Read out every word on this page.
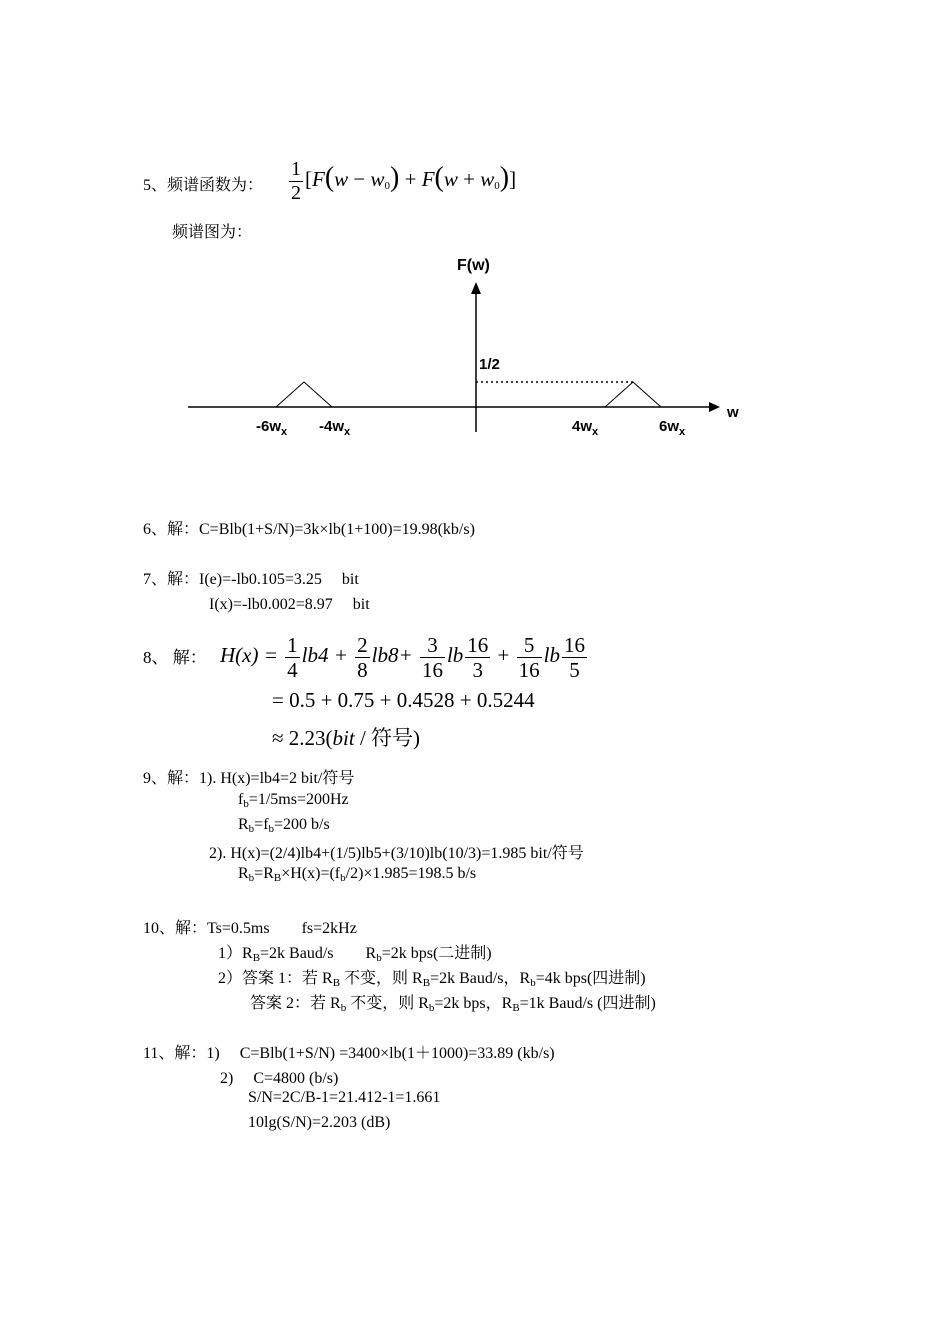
5、频谱函数为： $\frac{1}{2} [F(w - w_0) + F(w + w_0)]$
频谱图为：
F(w)
w
1/2
$-6w_x$ $-4w_x$	$4w_x$	$6w_x$
6、解：C=Blb(1+S/N)=3k×lb(1+100)=19.98(kb/s)
7、解：I(e)=-lb0.105=3.25　 bit
I(x)=-lb0.002=8.97　 bit
8、 解： $H(x) = \frac{1}{4} lb4 + \frac{2}{8} lb8+ \frac{3}{16}$ lb $\frac{16}{3} + \frac{5}{16}$ lb $\frac{16}{5}$
= 0.5 + 0.75 + 0.4528 + 0.5244
≈ 2.23(bit / 符号)
9、解：1). H(x)=lb4=2 bit/符号
$f_b=1/5ms=200Hz$
$R_b=f_b=200$ b/s
2). H(x)=(2/4)lb4+(1/5)lb5+(3/10)lb(10/3)=1.985 bit/符号
$R_b=R_B\times H(x)=(f_b/2)\times 1.985=198.5$ b/s
10、解：Ts=0.5ms　　fs=2kHz
$1)R_B=2k$ Baud/s　　$R_b=2k$ bps(二进制)
2）答案 1：若 $R_B$ 不变，则 $R_B=2k$ Baud/s，$R_b=4k$ bps(四进制)
答案 2：若 $R_b$ 不变，则 $R_b=2k$ bps，$R_B=1k$ Baud/s (四进制)
11、解：1)　 C=Blb(1+S/N) =3400×lb(1＋1000)=33.89 (kb/s)
2)　 C=4800 (b/s)
S/N=2C/B-1=21.412-1=1.661
10lg(S/N)=2.203 (dB)
